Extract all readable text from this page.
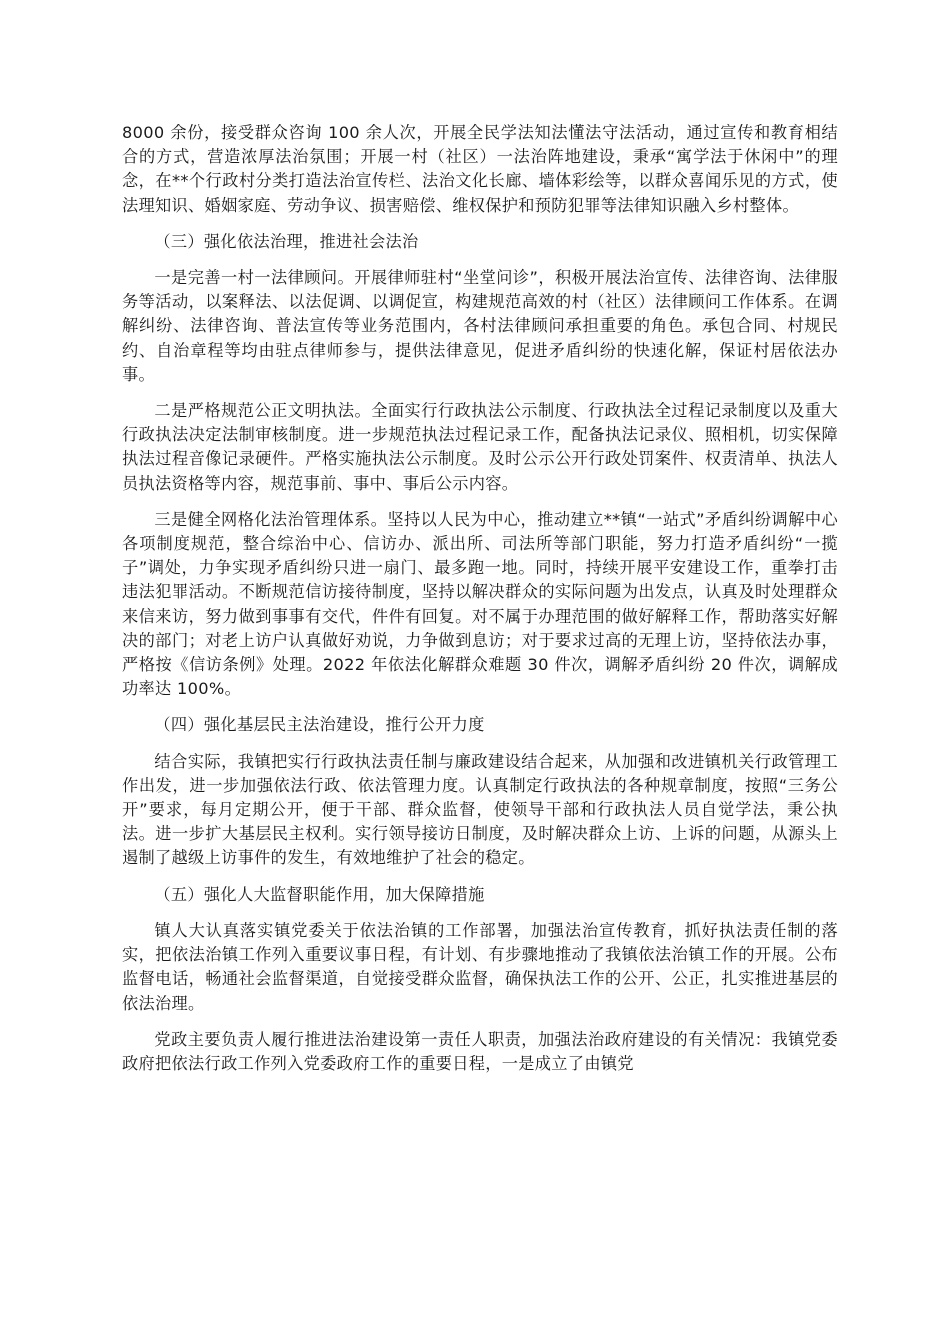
8000 余份，接受群众咨询 100 余人次，开展全民学法知法懂法守法活动，通过宣传和教育相结合的方式，营造浓厚法治氛围；开展一村（社区）一法治阵地建设，秉承“寓学法于休闲中”的理念，在**个行政村分类打造法治宣传栏、法治文化长廊、墙体彩绘等，以群众喜闻乐见的方式，使法理知识、婚姻家庭、劳动争议、损害赔偿、维权保护和预防犯罪等法律知识融入乡村整体。

（三）强化依法治理，推进社会法治

一是完善一村一法律顾问。开展律师驻村“坐堂问诊”，积极开展法治宣传、法律咨询、法律服务等活动，以案释法、以法促调、以调促宣，构建规范高效的村（社区）法律顾问工作体系。在调解纠纷、法律咨询、普法宣传等业务范围内，各村法律顾问承担重要的角色。承包合同、村规民约、自治章程等均由驻点律师参与，提供法律意见，促进矛盾纠纷的快速化解，保证村居依法办事。

二是严格规范公正文明执法。全面实行行政执法公示制度、行政执法全过程记录制度以及重大行政执法决定法制审核制度。进一步规范执法过程记录工作，配备执法记录仪、照相机，切实保障执法过程音像记录硬件。严格实施执法公示制度。及时公示公开行政处罚案件、权责清单、执法人员执法资格等内容，规范事前、事中、事后公示内容。

三是健全网格化法治管理体系。坚持以人民为中心，推动建立**镇“一站式”矛盾纠纷调解中心各项制度规范，整合综治中心、信访办、派出所、司法所等部门职能，努力打造矛盾纠纷“一揽子”调处，力争实现矛盾纠纷只进一扇门、最多跑一地。同时，持续开展平安建设工作，重拳打击违法犯罪活动。不断规范信访接待制度，坚持以解决群众的实际问题为出发点，认真及时处理群众来信来访，努力做到事事有交代，件件有回复。对不属于办理范围的做好解释工作，帮助落实好解决的部门；对老上访户认真做好劝说，力争做到息访；对于要求过高的无理上访，坚持依法办事，严格按《信访条例》处理。2022 年依法化解群众难题 30 件次，调解矛盾纠纷 20 件次，调解成功率达 100%。

（四）强化基层民主法治建设，推行公开力度

结合实际，我镇把实行行政执法责任制与廉政建设结合起来，从加强和改进镇机关行政管理工作出发，进一步加强依法行政、依法管理力度。认真制定行政执法的各种规章制度，按照“三务公开”要求，每月定期公开，便于干部、群众监督，使领导干部和行政执法人员自觉学法，秉公执法。进一步扩大基层民主权利。实行领导接访日制度，及时解决群众上访、上诉的问题，从源头上遏制了越级上访事件的发生，有效地维护了社会的稳定。

（五）强化人大监督职能作用，加大保障措施

镇人大认真落实镇党委关于依法治镇的工作部署，加强法治宣传教育，抓好执法责任制的落实，把依法治镇工作列入重要议事日程，有计划、有步骤地推动了我镇依法治镇工作的开展。公布监督电话，畅通社会监督渠道，自觉接受群众监督，确保执法工作的公开、公正，扎实推进基层的依法治理。

党政主要负责人履行推进法治建设第一责任人职责，加强法治政府建设的有关情况：我镇党委政府把依法行政工作列入党委政府工作的重要日程，一是成立了由镇党
